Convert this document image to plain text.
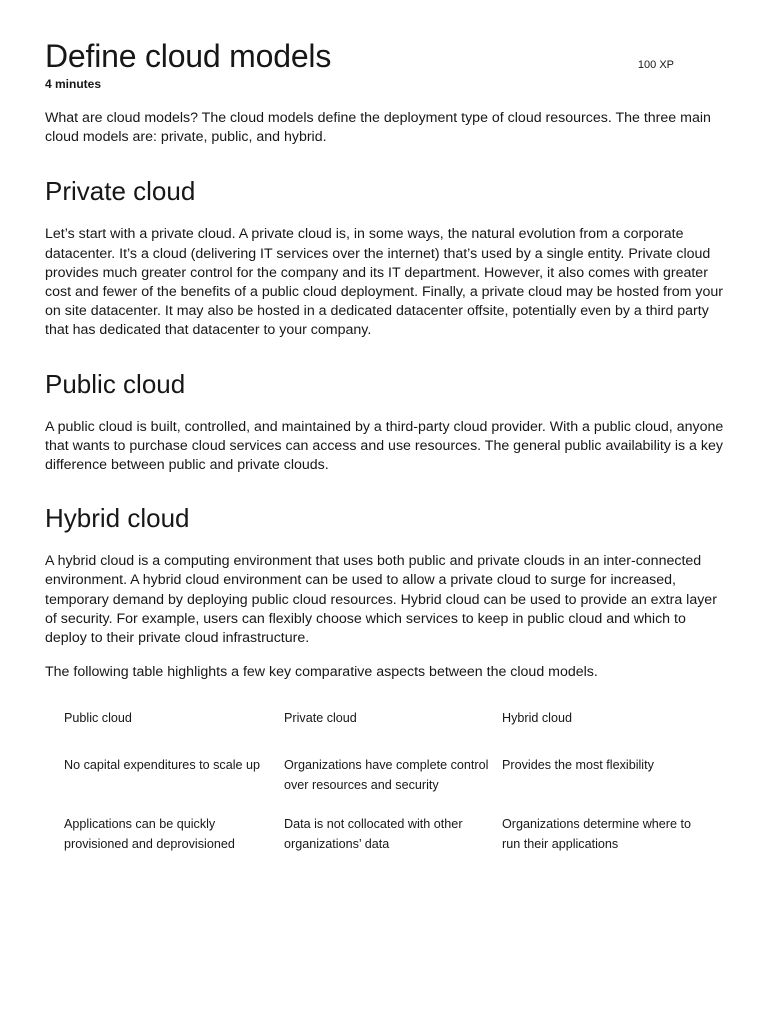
Define cloud models
4 minutes
100 XP

What are cloud models? The cloud models define the deployment type of cloud resources. The three main cloud models are: private, public, and hybrid.

Private cloud

Let’s start with a private cloud. A private cloud is, in some ways, the natural evolution from a corporate datacenter. It’s a cloud (delivering IT services over the internet) that’s used by a single entity. Private cloud provides much greater control for the company and its IT department. However, it also comes with greater cost and fewer of the benefits of a public cloud deployment. Finally, a private cloud may be hosted from your on site datacenter. It may also be hosted in a dedicated datacenter offsite, potentially even by a third party that has dedicated that datacenter to your company.

Public cloud

A public cloud is built, controlled, and maintained by a third-party cloud provider. With a public cloud, anyone that wants to purchase cloud services can access and use resources. The general public availability is a key difference between public and private clouds.

Hybrid cloud

A hybrid cloud is a computing environment that uses both public and private clouds in an inter-connected environment. A hybrid cloud environment can be used to allow a private cloud to surge for increased, temporary demand by deploying public cloud resources. Hybrid cloud can be used to provide an extra layer of security. For example, users can flexibly choose which services to keep in public cloud and which to deploy to their private cloud infrastructure.

The following table highlights a few key comparative aspects between the cloud models.

Public cloud	Private cloud	Hybrid cloud
No capital expenditures to scale up	Organizations have complete control over resources and security	Provides the most flexibility
Applications can be quickly provisioned and deprovisioned	Data is not collocated with other organizations’ data	Organizations determine where to run their applications
